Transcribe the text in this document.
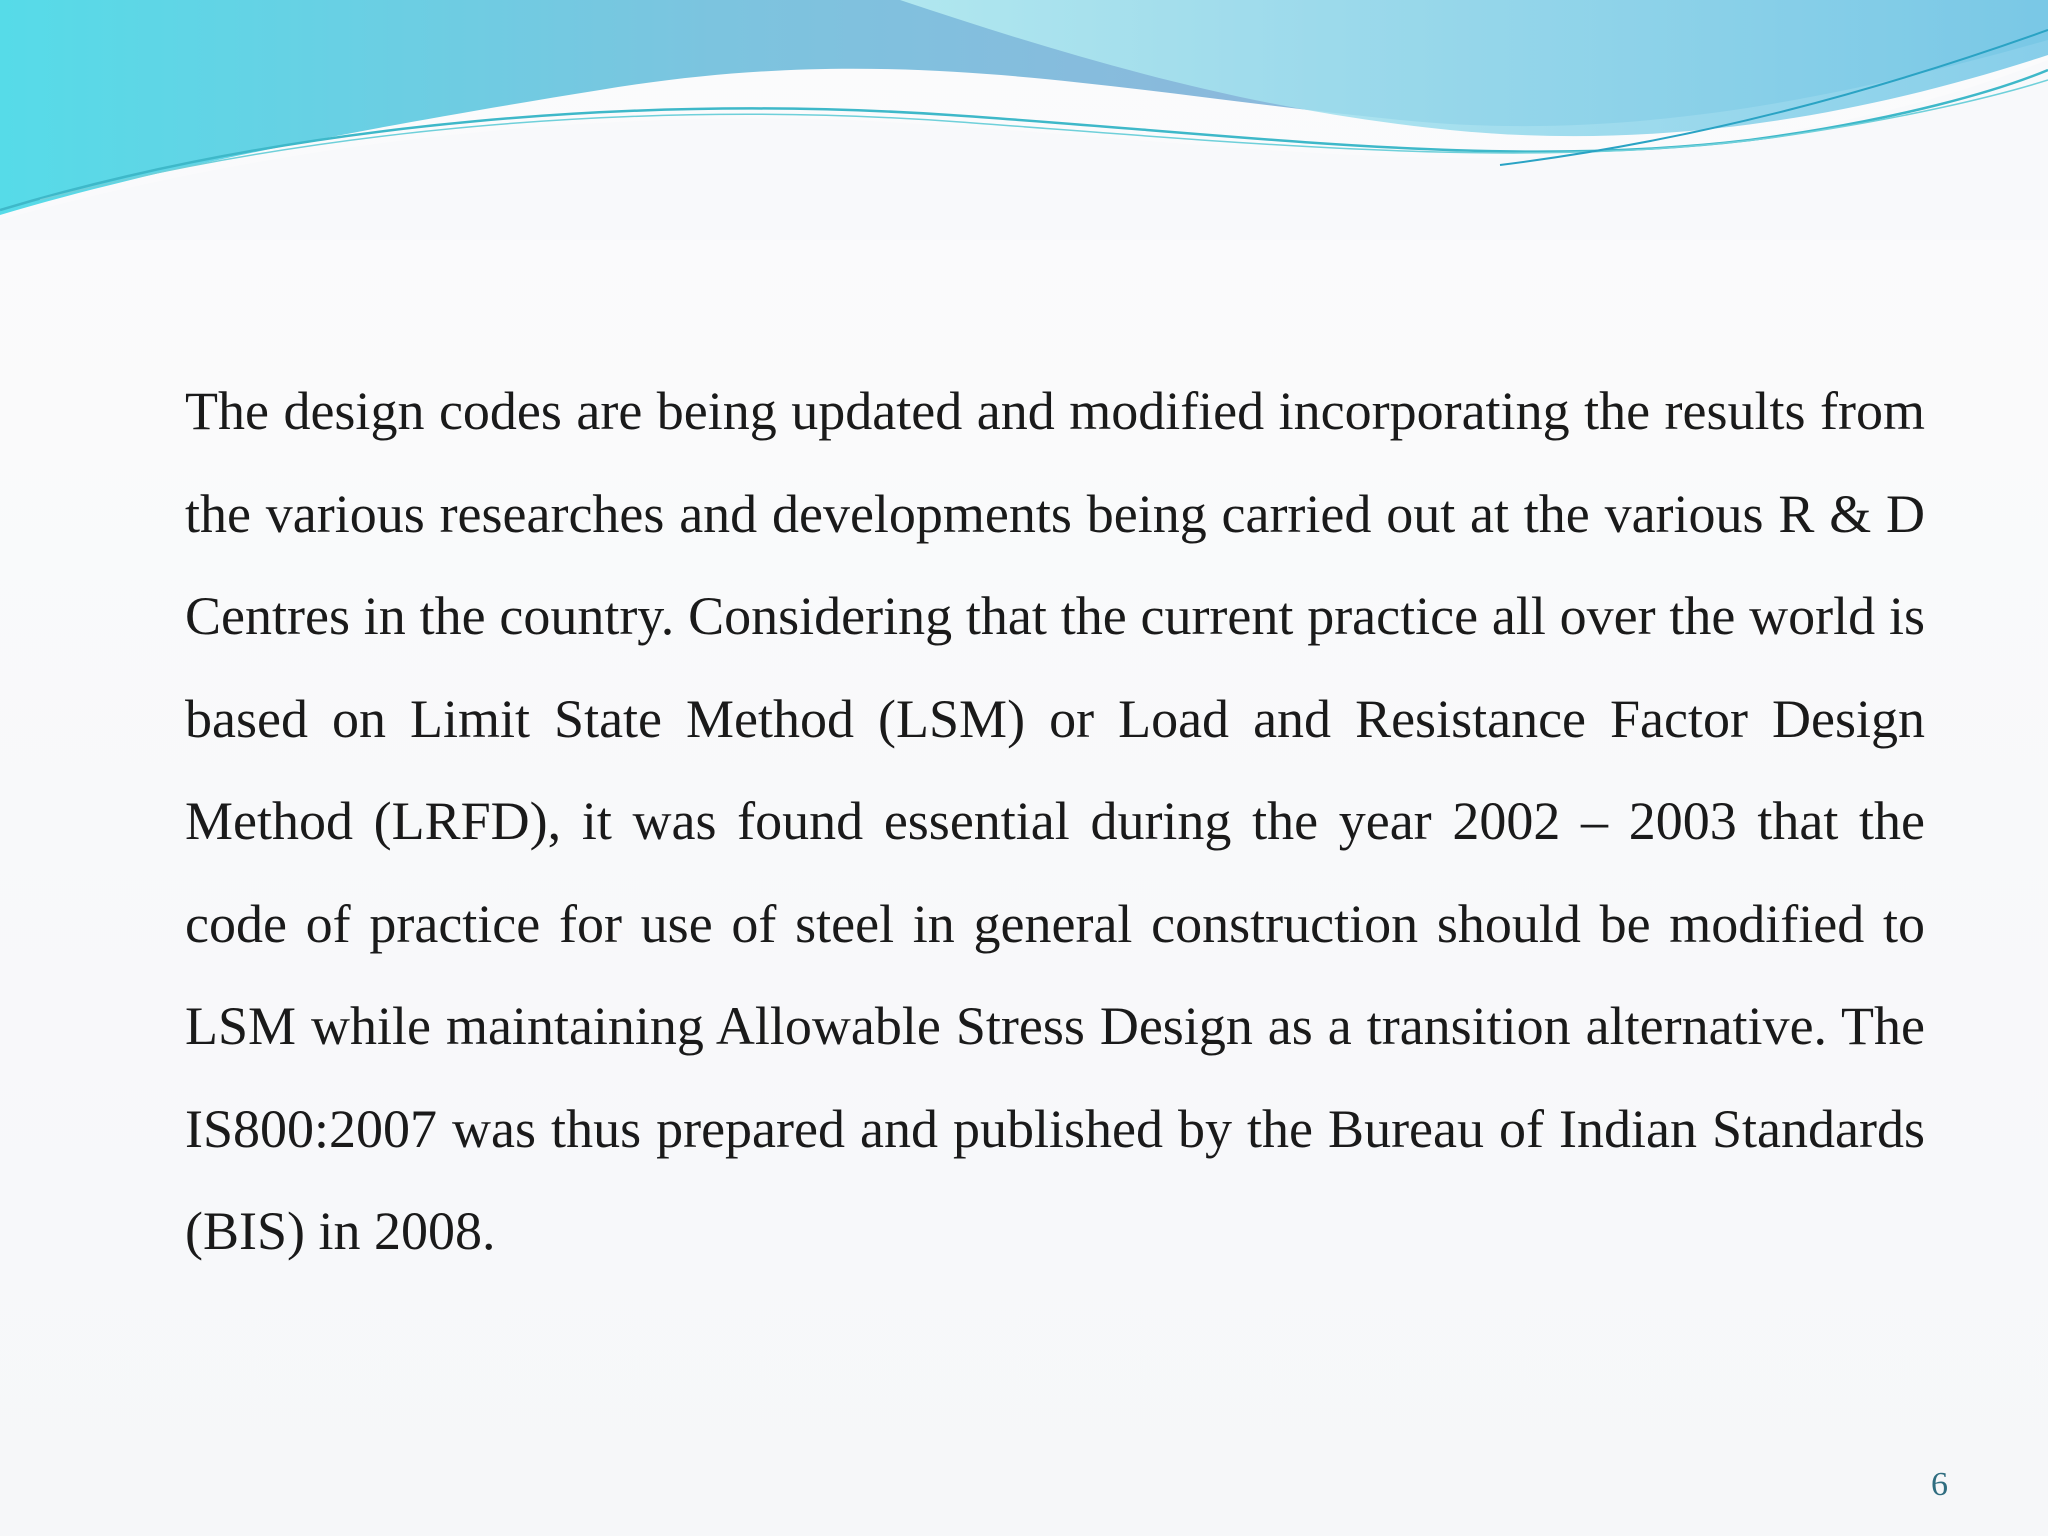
The design codes are being updated and modified incorporating the results from the various researches and developments being carried out at the various R & D Centres in the country. Considering that the current practice all over the world is based on Limit State Method (LSM) or Load and Resistance Factor Design Method (LRFD), it was found essential during the year 2002 – 2003 that the code of practice for use of steel in general construction should be modified to LSM while maintaining Allowable Stress Design as a transition alternative. The IS800:2007 was thus prepared and published by the Bureau of Indian Standards (BIS) in 2008.

6
